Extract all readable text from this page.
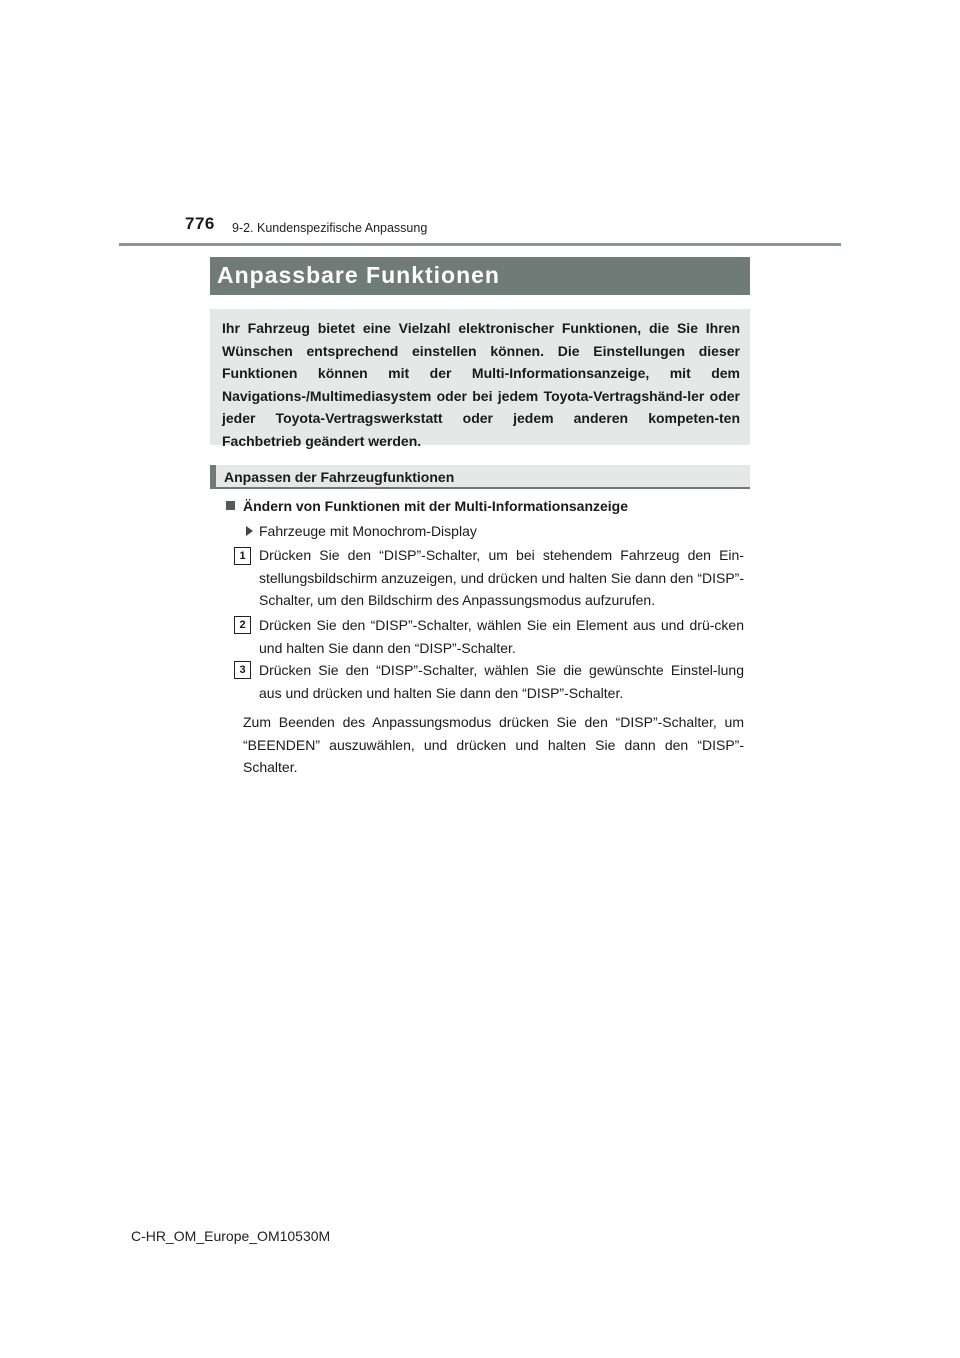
776 9-2. Kundenspezifische Anpassung
Anpassbare Funktionen
Ihr Fahrzeug bietet eine Vielzahl elektronischer Funktionen, die Sie Ihren Wünschen entsprechend einstellen können. Die Einstellungen dieser Funktionen können mit der Multi-Informationsanzeige, mit dem Navigations-/Multimediasystem oder bei jedem Toyota-Vertragshänd-ler oder jeder Toyota-Vertragswerkstatt oder jedem anderen kompeten-ten Fachbetrieb geändert werden.
Anpassen der Fahrzeugfunktionen
Ändern von Funktionen mit der Multi-Informationsanzeige
Fahrzeuge mit Monochrom-Display
1 Drücken Sie den “DISP”-Schalter, um bei stehendem Fahrzeug den Ein-stellungsbildschirm anzuzeigen, und drücken und halten Sie dann den “DISP”-Schalter, um den Bildschirm des Anpassungsmodus aufzurufen.
2 Drücken Sie den “DISP”-Schalter, wählen Sie ein Element aus und drü-cken und halten Sie dann den “DISP”-Schalter.
3 Drücken Sie den “DISP”-Schalter, wählen Sie die gewünschte Einstel-lung aus und drücken und halten Sie dann den “DISP”-Schalter.
Zum Beenden des Anpassungsmodus drücken Sie den “DISP”-Schalter, um “BEENDEN” auszuwählen, und drücken und halten Sie dann den “DISP”-Schalter.
C-HR_OM_Europe_OM10530M
